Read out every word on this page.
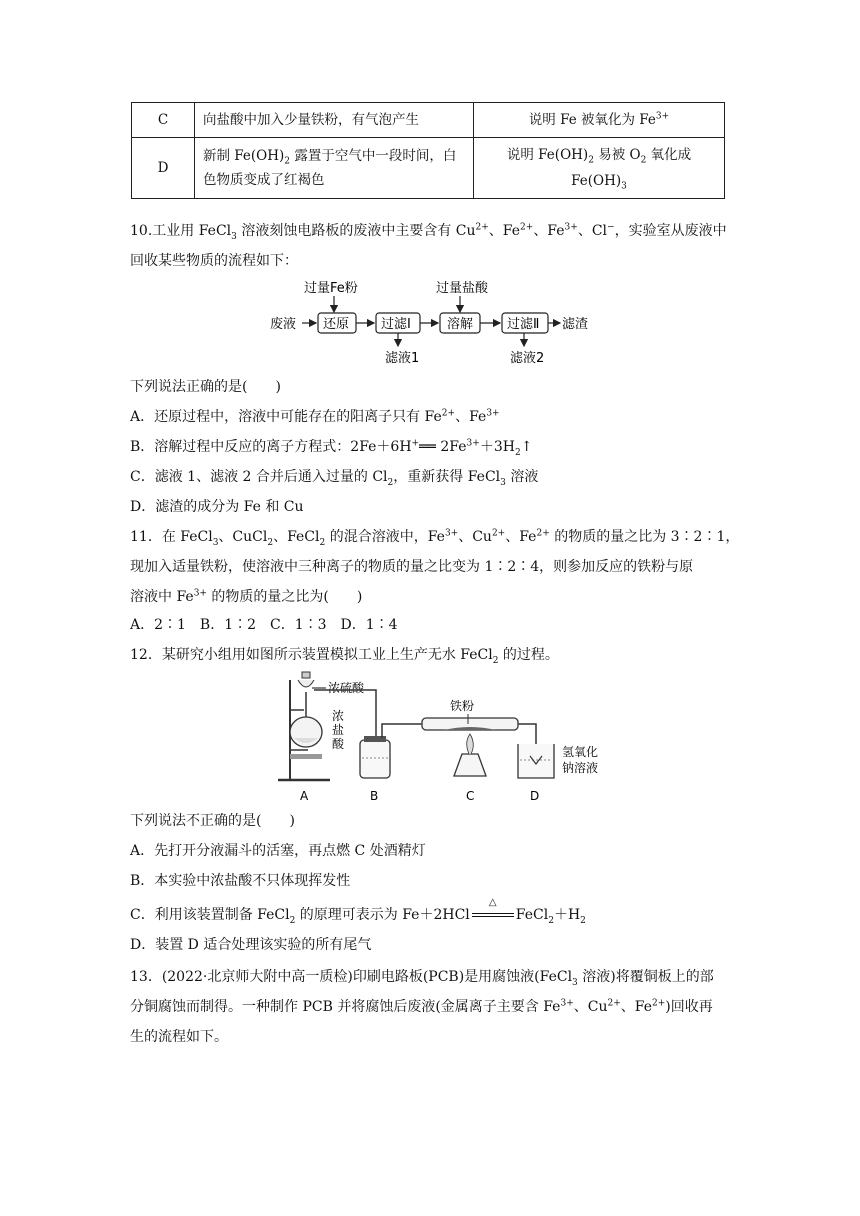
C	向盐酸中加入少量铁粉，有气泡产生	说明 Fe 被氧化为 $Fe^{3+}$
D	新制 $Fe(OH)_2$ 露置于空气中一段时间，白色物质变成了红褐色	说明 $Fe(OH)_2$ 易被 $O_2$ 氧化成 $Fe(OH)_3$
10.工业用 FeCl$_3$ 溶液刻蚀电路板的废液中主要含有 $Cu^{2+}$、$Fe^{2+}$、$Fe^{3+}$、Cl−，实验室从废液中
回收某些物质的流程如下：
废液
过量Fe粉
还原 过滤Ⅰ
滤液1
过量盐酸
溶解	过滤Ⅱ
滤液2
滤渣
下列说法正确的是(　　)
A．还原过程中，溶液中可能存在的阳离子只有 $Fe^{2+}$、$Fe^{3+}$
B．溶解过程中反应的离子方程式：2Fe＋6H+══ $2Fe^{3+}+3H_2↑$
C．滤液 1、滤液 2 合并后通入过量的 $Cl_2$，重新获得 FeCl$_3$ 溶液
D．滤渣的成分为 Fe 和 Cu
11．在 FeCl$_3$、CuCl$_2$、FeCl$_2$ 的混合溶液中，$Fe^{3+}$、$Cu^{2+}$、$Fe^{2+}$ 的物质的量之比为 3∶2∶1，
现加入适量铁粉，使溶液中三种离子的物质的量之比变为 1∶2∶4，则参加反应的铁粉与原
溶液中 $Fe^{3+}$ 的物质的量之比为(　　)
A．2∶1　B．1∶2　C．1∶3　D．1∶4
12．某研究小组用如图所示装置模拟工业上生产无水 FeCl$_2$ 的过程。
浓硫酸
浓
盐
酸
铁粉
氢氧化
钠溶液
A	B	C	D
下列说法不正确的是(　　)
A．先打开分液漏斗的活塞，再点燃 C 处酒精灯
B．本实验中浓盐酸不只体现挥发性
C．利用该装置制备 FeCl$_2$ 的原理可表示为 Fe＋2HCl
△
$FeCl_2+H_2$
D．装置 D 适合处理该实验的所有尾气
13．(2022·北京师大附中高一质检)印刷电路板(PCB)是用腐蚀液(FeCl$_3$ 溶液)将覆铜板上的部
分铜腐蚀而制得。一种制作 PCB 并将腐蚀后废液(金属离子主要含 $Fe^{3+}$、$Cu^{2+}$、$Fe^{2+}$)回收再
生的流程如下。
